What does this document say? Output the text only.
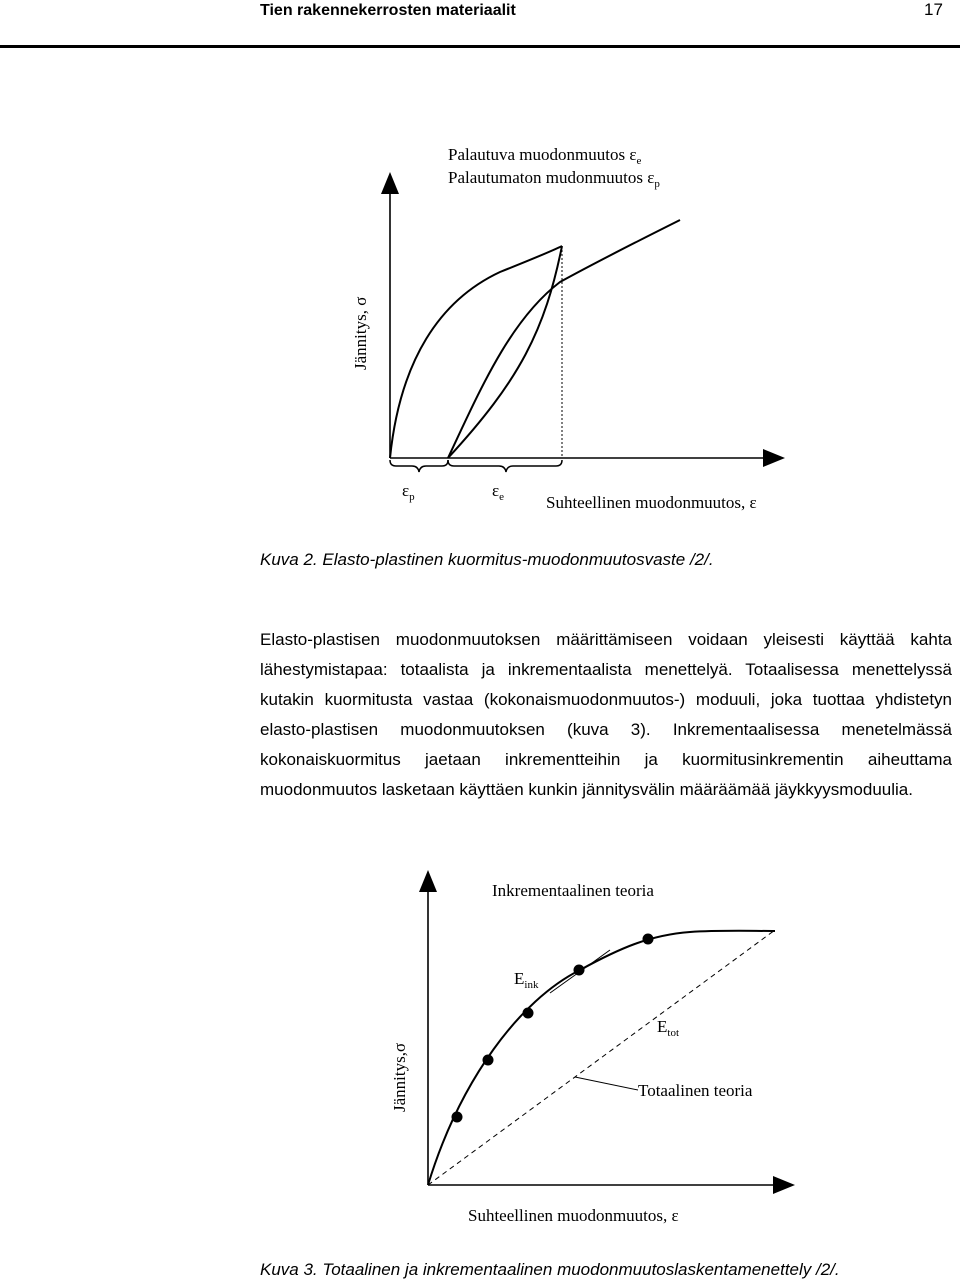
Tien rakennekerrosten materiaalit	17
Palautuva muodonmuutos $\varepsilon_e$
Palautumaton mudonmuutos $\varepsilon_p$
Jännitys, σ
$\varepsilon_p$	$\varepsilon_e$ Suhteellinen muodonmuutos, ε
Jännitys,σ
Inkrementaalinen teoria
$E_{ink}$
$E_{tot}$
Totaalinen teoria
Suhteellinen muodonmuutos, ε
Kuva 2. Elasto-plastinen kuormitus-muodonmuutosvaste /2/.

Elasto-plastisen muodonmuutoksen määrittämiseen voidaan yleisesti käyttää kahta lähestymistapaa: totaalista ja inkrementaalista menettelyä. Totaalisessa menettelyssä kutakin kuormitusta vastaa (kokonaismuodonmuutos-) moduuli, joka tuottaa yhdistetyn elasto-plastisen muodonmuutoksen (kuva 3). Inkrementaalisessa menetelmässä kokonaiskuormitus jaetaan inkrementteihin ja kuormitusinkrementin aiheuttama muodonmuutos lasketaan käyttäen kunkin jännitysvälin määräämää jäykkyysmoduulia.

Kuva 3. Totaalinen ja inkrementaalinen muodonmuutoslaskentamenettely /2/.
